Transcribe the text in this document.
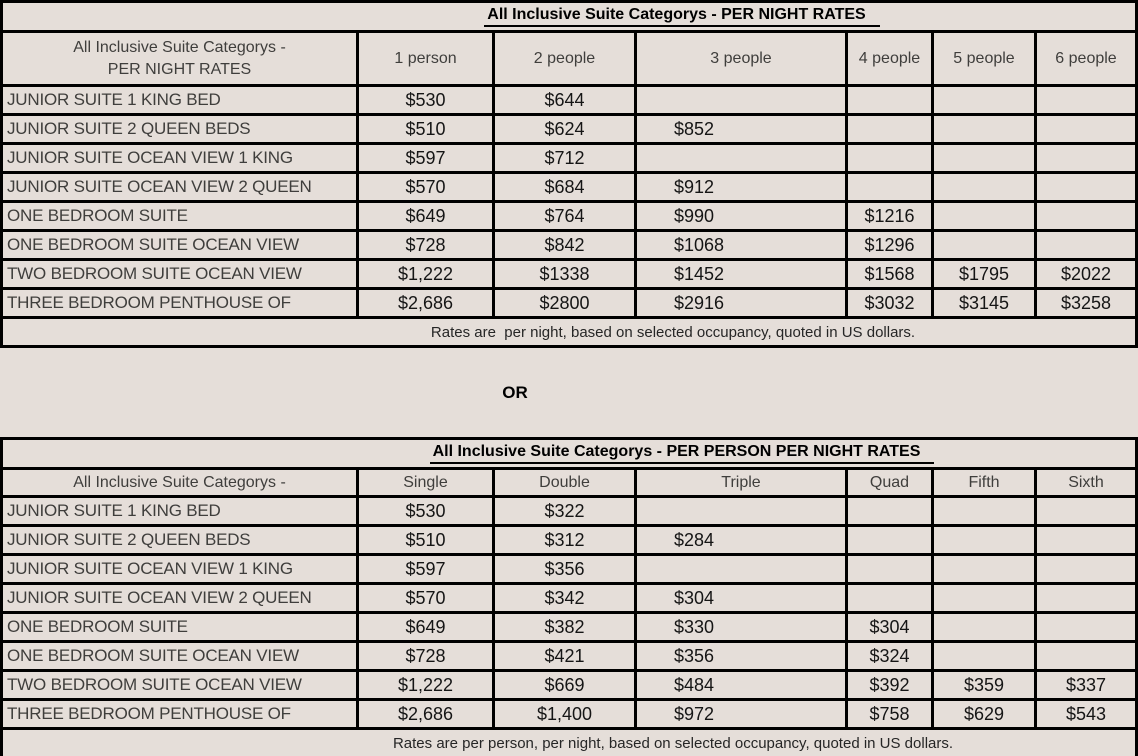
All Inclusive Suite Categorys - PER NIGHT RATES
All Inclusive Suite Categorys -
PER NIGHT RATES
1 person	2 people	3 people	4 people	5 people	6 people
JUNIOR SUITE 1 KING BED	$530	$644
JUNIOR SUITE 2 QUEEN BEDS	$510	$624	$852
JUNIOR SUITE OCEAN VIEW 1 KING	$597	$712
JUNIOR SUITE OCEAN VIEW 2 QUEEN	$570	$684	$912
ONE BEDROOM SUITE	$649	$764	$990	$1216
ONE BEDROOM SUITE OCEAN VIEW	$728	$842	$1068	$1296
TWO BEDROOM SUITE OCEAN VIEW	$1,222	$1338	$1452	$1568	$1795	$2022
THREE BEDROOM PENTHOUSE OF	$2,686	$2800	$2916	$3032	$3145	$3258
Rates are  per night, based on selected occupancy, quoted in US dollars.
OR
All Inclusive Suite Categorys - PER PERSON PER NIGHT RATES
All Inclusive Suite Categorys -	Single	Double	Triple	Quad	Fifth	Sixth
JUNIOR SUITE 1 KING BED	$530	$322
JUNIOR SUITE 2 QUEEN BEDS	$510	$312	$284
JUNIOR SUITE OCEAN VIEW 1 KING	$597	$356
JUNIOR SUITE OCEAN VIEW 2 QUEEN	$570	$342	$304
ONE BEDROOM SUITE	$649	$382	$330	$304
ONE BEDROOM SUITE OCEAN VIEW	$728	$421	$356	$324
TWO BEDROOM SUITE OCEAN VIEW	$1,222	$669	$484	$392	$359	$337
THREE BEDROOM PENTHOUSE OF	$2,686	$1,400	$972	$758	$629	$543
Rates are per person, per night, based on selected occupancy, quoted in US dollars.
